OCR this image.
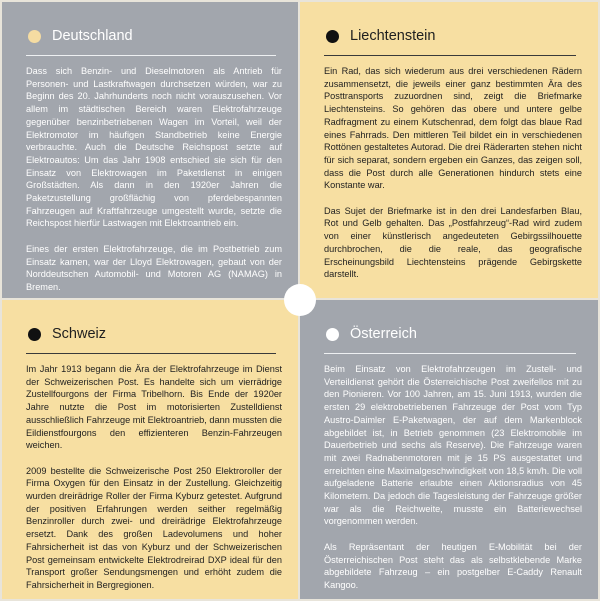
Deutschland

Dass sich Benzin- und Dieselmotoren als Antrieb für Personen- und Lastkraftwagen durchsetzen würden, war zu Beginn des 20. Jahrhunderts noch nicht vorauszusehen. Vor allem im städtischen Bereich waren Elektrofahrzeuge gegenüber benzinbetriebenen Wagen im Vorteil, weil der Elektromotor im häufigen Standbetrieb keine Energie verbrauchte. Auch die Deutsche Reichspost setzte auf Elektroautos: Um das Jahr 1908 entschied sie sich für den Einsatz von Elektrowagen im Paketdienst in einigen Großstädten. Als dann in den 1920er Jahren die Paketzustellung großflächig von pferdebespannten Fahrzeugen auf Kraftfahrzeuge umgestellt wurde, setzte die Reichspost hierfür Lastwagen mit Elektroantrieb ein.

Eines der ersten Elektrofahrzeuge, die im Postbetrieb zum Einsatz kamen, war der Lloyd Elektrowagen, gebaut von der Norddeutschen Automobil- und Motoren AG (NAMAG) in Bremen.

Liechtenstein

Ein Rad, das sich wiederum aus drei verschiedenen Rädern zusammensetzt, die jeweils einer ganz bestimmten Ära des Posttransports zuzuordnen sind, zeigt die Briefmarke Liechtensteins. So gehören das obere und untere gelbe Radfragment zu einem Kutschenrad, dem folgt das blaue Rad eines Fahrrads. Den mittleren Teil bildet ein in verschiedenen Rottönen gestaltetes Autorad. Die drei Räderarten stehen nicht für sich separat, sondern ergeben ein Ganzes, das zeigen soll, dass die Post durch alle Generationen hindurch stets eine Konstante war.

Das Sujet der Briefmarke ist in den drei Landesfarben Blau, Rot und Gelb gehalten. Das „Postfahrzeug“-Rad wird zudem von einer künstlerisch angedeuteten Gebirgssilhouette durchbrochen, die die reale, das geografische Erscheinungsbild Liechtensteins prägende Gebirgskette darstellt.

Schweiz

Im Jahr 1913 begann die Ära der Elektrofahrzeuge im Dienst der Schweizerischen Post. Es handelte sich um vierrädrige Zustellfourgons der Firma Tribelhorn. Bis Ende der 1920er Jahre nutzte die Post im motorisierten Zustelldienst ausschließlich Fahrzeuge mit Elektroantrieb, dann mussten die Eildienstfourgons den effizienteren Benzin-Fahrzeugen weichen.

2009 bestellte die Schweizerische Post 250 Elektroroller der Firma Oxygen für den Einsatz in der Zustellung. Gleichzeitig wurden dreirädrige Roller der Firma Kyburz getestet. Aufgrund der positiven Erfahrungen werden seither regelmäßig Benzinroller durch zwei- und dreirädrige Elektrofahrzeuge ersetzt. Dank des großen Ladevolumens und hoher Fahrsicherheit ist das von Kyburz und der Schweizerischen Post gemeinsam entwickelte Elektrodreirad DXP ideal für den Transport großer Sendungsmengen und erhöht zudem die Fahrsicherheit in Bergregionen.

Österreich

Beim Einsatz von Elektrofahrzeugen im Zustell- und Verteildienst gehört die Österreichische Post zweifellos mit zu den Pionieren. Vor 100 Jahren, am 15. Juni 1913, wurden die ersten 29 elektrobetriebenen Fahrzeuge der Post vom Typ Austro-Daimler E-Paketwagen, der auf dem Markenblock abgebildet ist, in Betrieb genommen (23 Elektromobile im Dauerbetrieb und sechs als Reserve). Die Fahrzeuge waren mit zwei Radnabenmotoren mit je 15 PS ausgestattet und erreichten eine Maximalgeschwindigkeit von 18,5 km/h. Die voll aufgeladene Batterie erlaubte einen Aktionsradius von 45 Kilometern. Da jedoch die Tagesleistung der Fahrzeuge größer war als die Reichweite, musste ein Batteriewechsel vorgenommen werden.

Als Repräsentant der heutigen E-Mobilität bei der Österreichischen Post steht das als selbstklebende Marke abgebildete Fahrzeug – ein postgelber E-Caddy Renault Kangoo.
